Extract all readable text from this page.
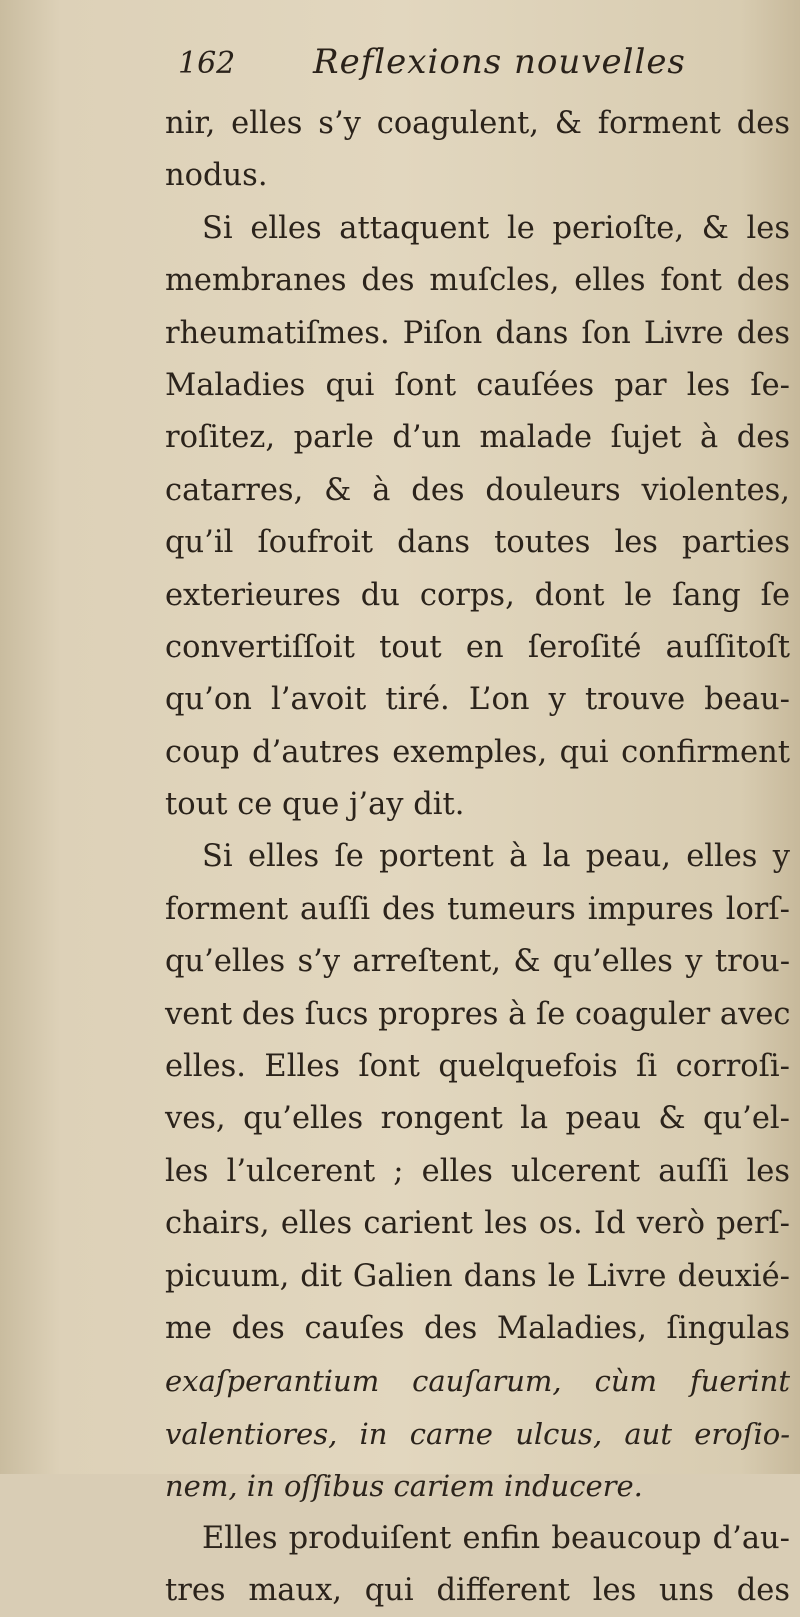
162 Reflexions nouvelles
nir, elles s’y coagulent, & forment des
nodus.
Si elles attaquent le perioſte, & les
membranes des muſcles, elles font des
rheumatiſmes. Piſon dans ſon Livre des
Maladies qui ſont cauſées par les ſe-
roſitez, parle d’un malade ſujet à des
catarres, & à des douleurs violentes,
qu’il ſoufroit dans toutes les parties
exterieures du corps, dont le ſang ſe
convertiſſoit tout en ſeroſité auſſitoſt
qu’on l’avoit tiré. L’on y trouve beau-
coup d’autres exemples, qui confirment
tout ce que j’ay dit.
Si elles ſe portent à la peau, elles y
forment auſſi des tumeurs impures lorſ-
qu’elles s’y arreſtent, & qu’elles y trou-
vent des ſucs propres à ſe coaguler avec
elles. Elles ſont quelquefois ſi corroſi-
ves, qu’elles rongent la peau & qu’el-
les l’ulcerent ; elles ulcerent auſſi les
chairs, elles carient les os. Id verò perſ-
picuum, dit Galien dans le Livre deuxié-
me des cauſes des Maladies, ſingulas
exaſperantium cauſarum, cùm fuerint
valentiores, in carne ulcus, aut eroſio-
nem, in oſſibus cariem inducere.
Elles produiſent enfin beaucoup d’au-
tres maux, qui different les uns des
